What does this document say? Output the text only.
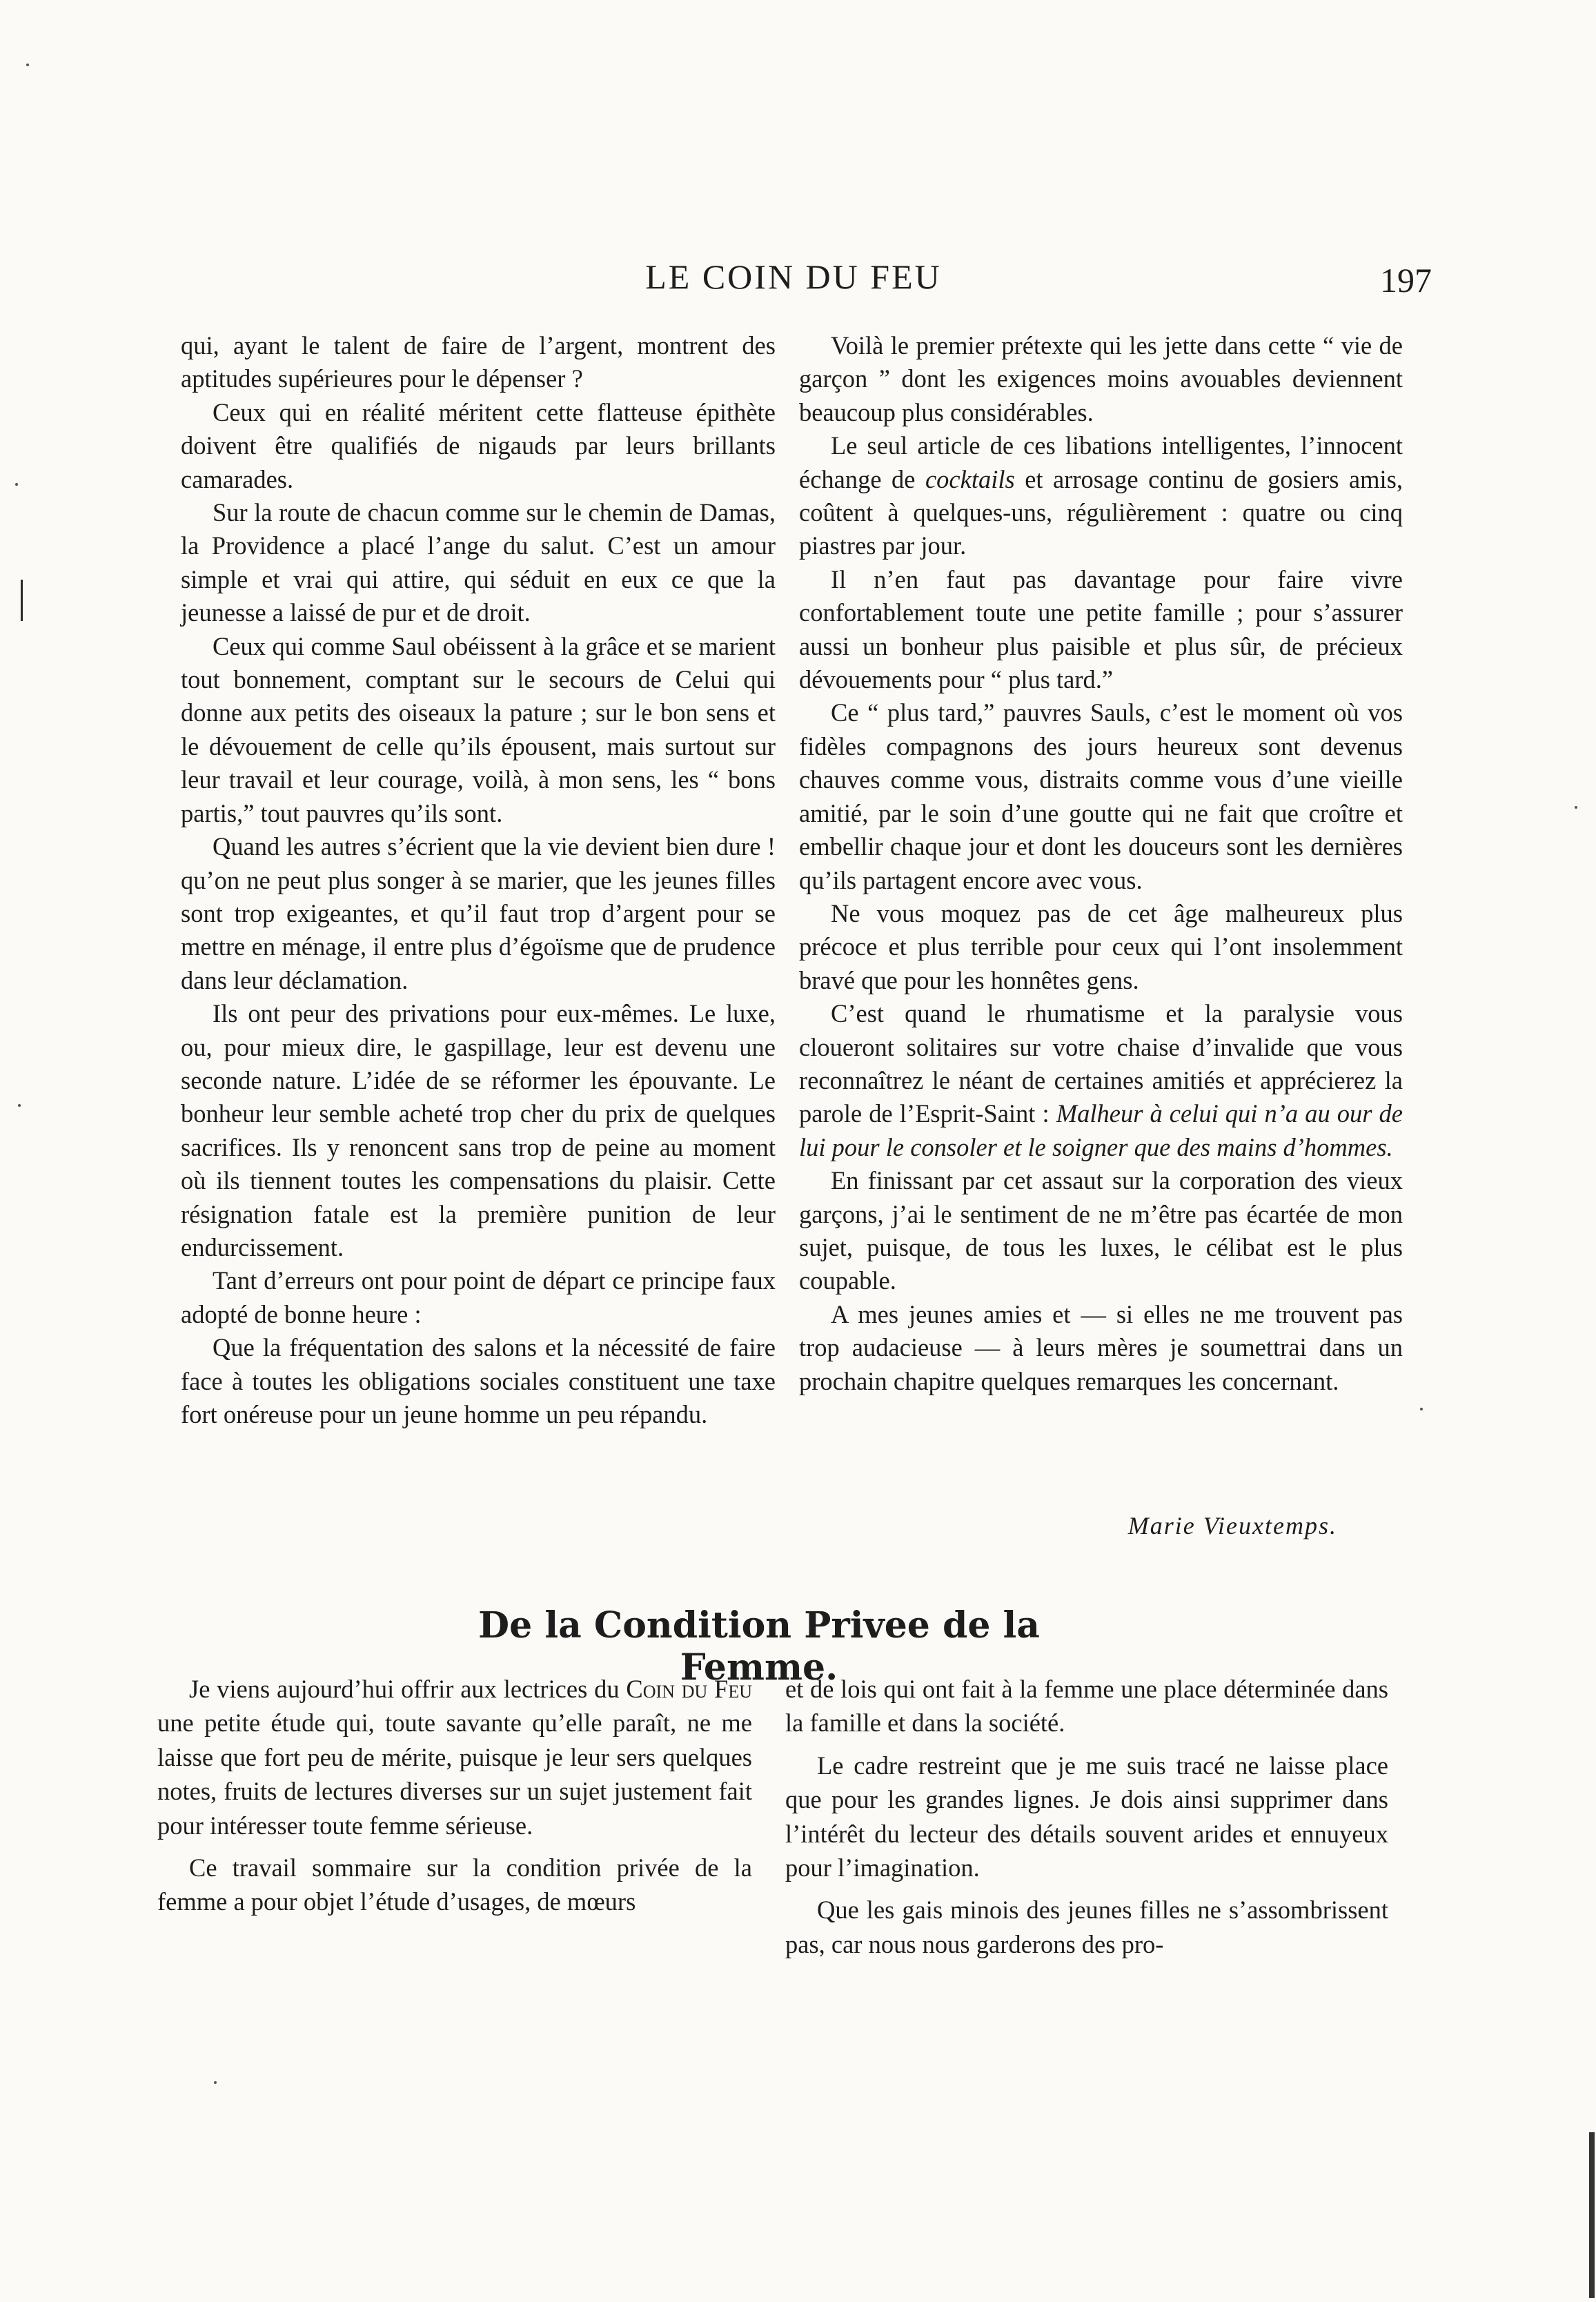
LE COIN DU FEU	197

qui, ayant le talent de faire de l’argent, montrent des aptitudes supérieures pour le dépenser ?

Ceux qui en réalité méritent cette flatteuse épithète doivent être qualifiés de nigauds par leurs brillants camarades.

Sur la route de chacun comme sur le chemin de Damas, la Providence a placé l’ange du salut. C’est un amour simple et vrai qui attire, qui séduit en eux ce que la jeunesse a laissé de pur et de droit.

Ceux qui comme Saul obéissent à la grâce et se marient tout bonnement, comptant sur le secours de Celui qui donne aux petits des oiseaux la pature ; sur le bon sens et le dévouement de celle qu’ils épousent, mais surtout sur leur travail et leur courage, voilà, à mon sens, les “ bons partis,” tout pauvres qu’ils sont.

Quand les autres s’écrient que la vie devient bien dure ! qu’on ne peut plus songer à se marier, que les jeunes filles sont trop exigeantes, et qu’il faut trop d’argent pour se mettre en ménage, il entre plus d’égoïsme que de prudence dans leur déclamation.

Ils ont peur des privations pour eux-mêmes. Le luxe, ou, pour mieux dire, le gaspillage, leur est devenu une seconde nature. L’idée de se réformer les épouvante. Le bonheur leur semble acheté trop cher du prix de quelques sacrifices. Ils y renoncent sans trop de peine au moment où ils tiennent toutes les compensations du plaisir. Cette résignation fatale est la première punition de leur endurcissement.

Tant d’erreurs ont pour point de départ ce principe faux adopté de bonne heure :

Que la fréquentation des salons et la nécessité de faire face à toutes les obligations sociales constituent une taxe fort onéreuse pour un jeune homme un peu répandu.

Voilà le premier prétexte qui les jette dans cette “ vie de garçon ” dont les exigences moins avouables deviennent beaucoup plus considérables.

Le seul article de ces libations intelligentes, l’innocent échange de cocktails et arrosage continu de gosiers amis, coûtent à quelques-uns, régulièrement : quatre ou cinq piastres par jour.

Il n’en faut pas davantage pour faire vivre confortablement toute une petite famille ; pour s’assurer aussi un bonheur plus paisible et plus sûr, de précieux dévouements pour “ plus tard.”

Ce “ plus tard,” pauvres Sauls, c’est le moment où vos fidèles compagnons des jours heureux sont devenus chauves comme vous, distraits comme vous d’une vieille amitié, par le soin d’une goutte qui ne fait que croître et embellir chaque jour et dont les douceurs sont les dernières qu’ils partagent encore avec vous.

Ne vous moquez pas de cet âge malheureux plus précoce et plus terrible pour ceux qui l’ont insolemment bravé que pour les honnêtes gens.

C’est quand le rhumatisme et la paralysie vous cloueront solitaires sur votre chaise d’invalide que vous reconnaîtrez le néant de certaines amitiés et apprécierez la parole de l’Esprit-Saint : Malheur à celui qui n’a au our de lui pour le consoler et le soigner que des mains d’hommes.

En finissant par cet assaut sur la corporation des vieux garçons, j’ai le sentiment de ne m’être pas écartée de mon sujet, puisque, de tous les luxes, le célibat est le plus coupable.

A mes jeunes amies et — si elles ne me trouvent pas trop audacieuse — à leurs mères je soumettrai dans un prochain chapitre quelques remarques les concernant.

Marie Vieuxtemps.
De la Condition Privee de la Femme.

Je viens aujourd’hui offrir aux lectrices du Coin du Feu une petite étude qui, toute savante qu’elle paraît, ne me laisse que fort peu de mérite, puisque je leur sers quelques notes, fruits de lectures diverses sur un sujet justement fait pour intéresser toute femme sérieuse.

Ce travail sommaire sur la condition privée de la femme a pour objet l’étude d’usages, de mœurs

et de lois qui ont fait à la femme une place déterminée dans la famille et dans la société.

Le cadre restreint que je me suis tracé ne laisse place que pour les grandes lignes. Je dois ainsi supprimer dans l’intérêt du lecteur des détails souvent arides et ennuyeux pour l’imagination.

Que les gais minois des jeunes filles ne s’assombrissent pas, car nous nous garderons des pro-
